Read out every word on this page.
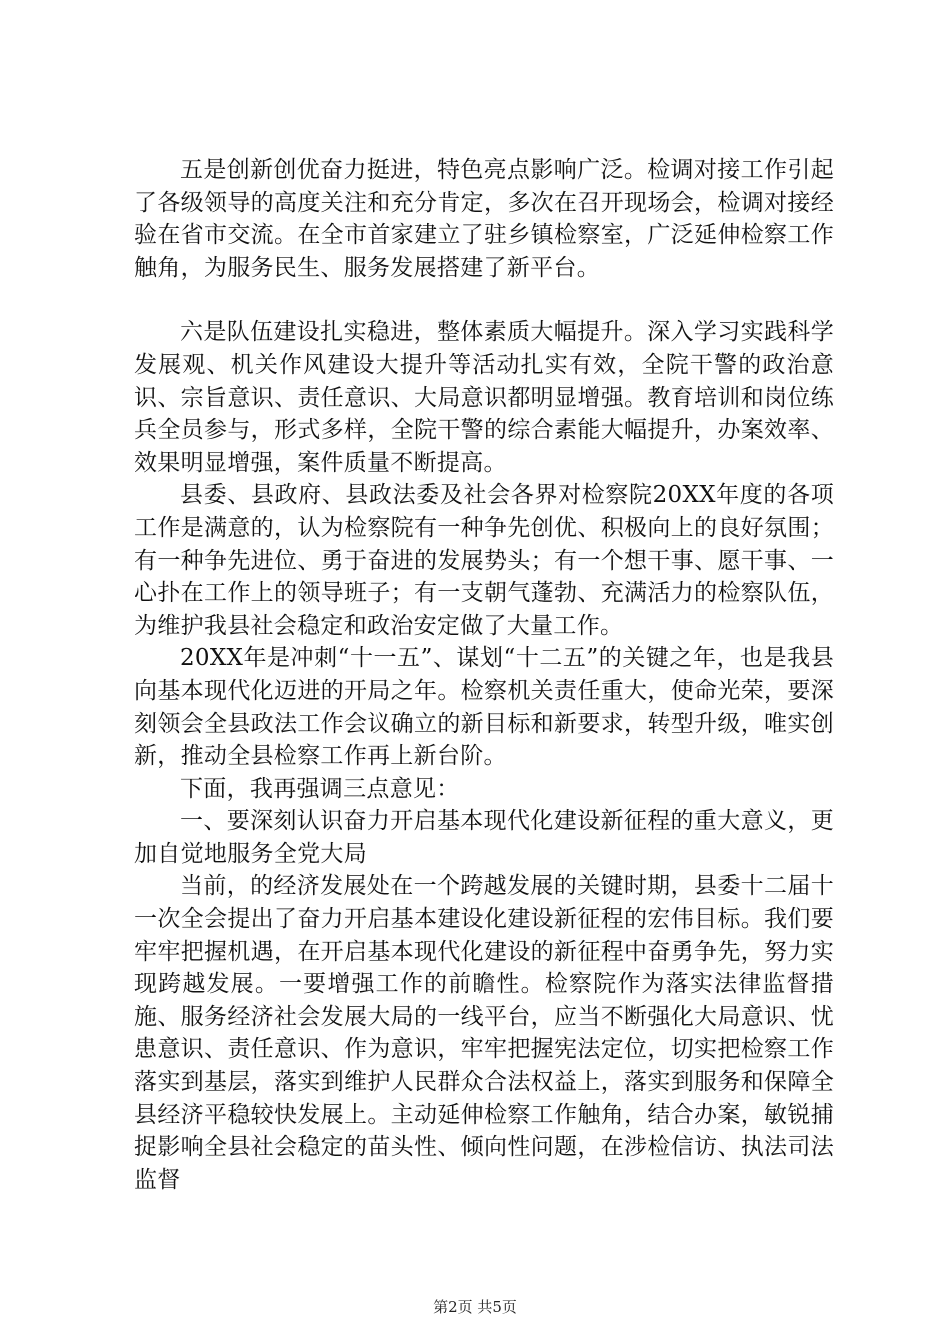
五是创新创优奋力挺进，特色亮点影响广泛。检调对接工作引起了各级领导的高度关注和充分肯定，多次在召开现场会，检调对接经验在省市交流。在全市首家建立了驻乡镇检察室，广泛延伸检察工作触角，为服务民生、服务发展搭建了新平台。

六是队伍建设扎实稳进，整体素质大幅提升。深入学习实践科学发展观、机关作风建设大提升等活动扎实有效，全院干警的政治意识、宗旨意识、责任意识、大局意识都明显增强。教育培训和岗位练兵全员参与，形式多样，全院干警的综合素能大幅提升，办案效率、效果明显增强，案件质量不断提高。

县委、县政府、县政法委及社会各界对检察院20XX年度的各项工作是满意的，认为检察院有一种争先创优、积极向上的良好氛围；有一种争先进位、勇于奋进的发展势头；有一个想干事、愿干事、一心扑在工作上的领导班子；有一支朝气蓬勃、充满活力的检察队伍，为维护我县社会稳定和政治安定做了大量工作。

20XX年是冲刺“十一五”、谋划“十二五”的关键之年，也是我县向基本现代化迈进的开局之年。检察机关责任重大，使命光荣，要深刻领会全县政法工作会议确立的新目标和新要求，转型升级，唯实创新，推动全县检察工作再上新台阶。

下面，我再强调三点意见：

一、要深刻认识奋力开启基本现代化建设新征程的重大意义，更加自觉地服务全党大局

当前，的经济发展处在一个跨越发展的关键时期，县委十二届十一次全会提出了奋力开启基本建设化建设新征程的宏伟目标。我们要牢牢把握机遇，在开启基本现代化建设的新征程中奋勇争先，努力实现跨越发展。一要增强工作的前瞻性。检察院作为落实法律监督措施、服务经济社会发展大局的一线平台，应当不断强化大局意识、忧患意识、责任意识、作为意识，牢牢把握宪法定位，切实把检察工作落实到基层，落实到维护人民群众合法权益上，落实到服务和保障全县经济平稳较快发展上。主动延伸检察工作触角，结合办案，敏锐捕捉影响全县社会稳定的苗头性、倾向性问题，在涉检信访、执法司法监督

第2页 共5页
